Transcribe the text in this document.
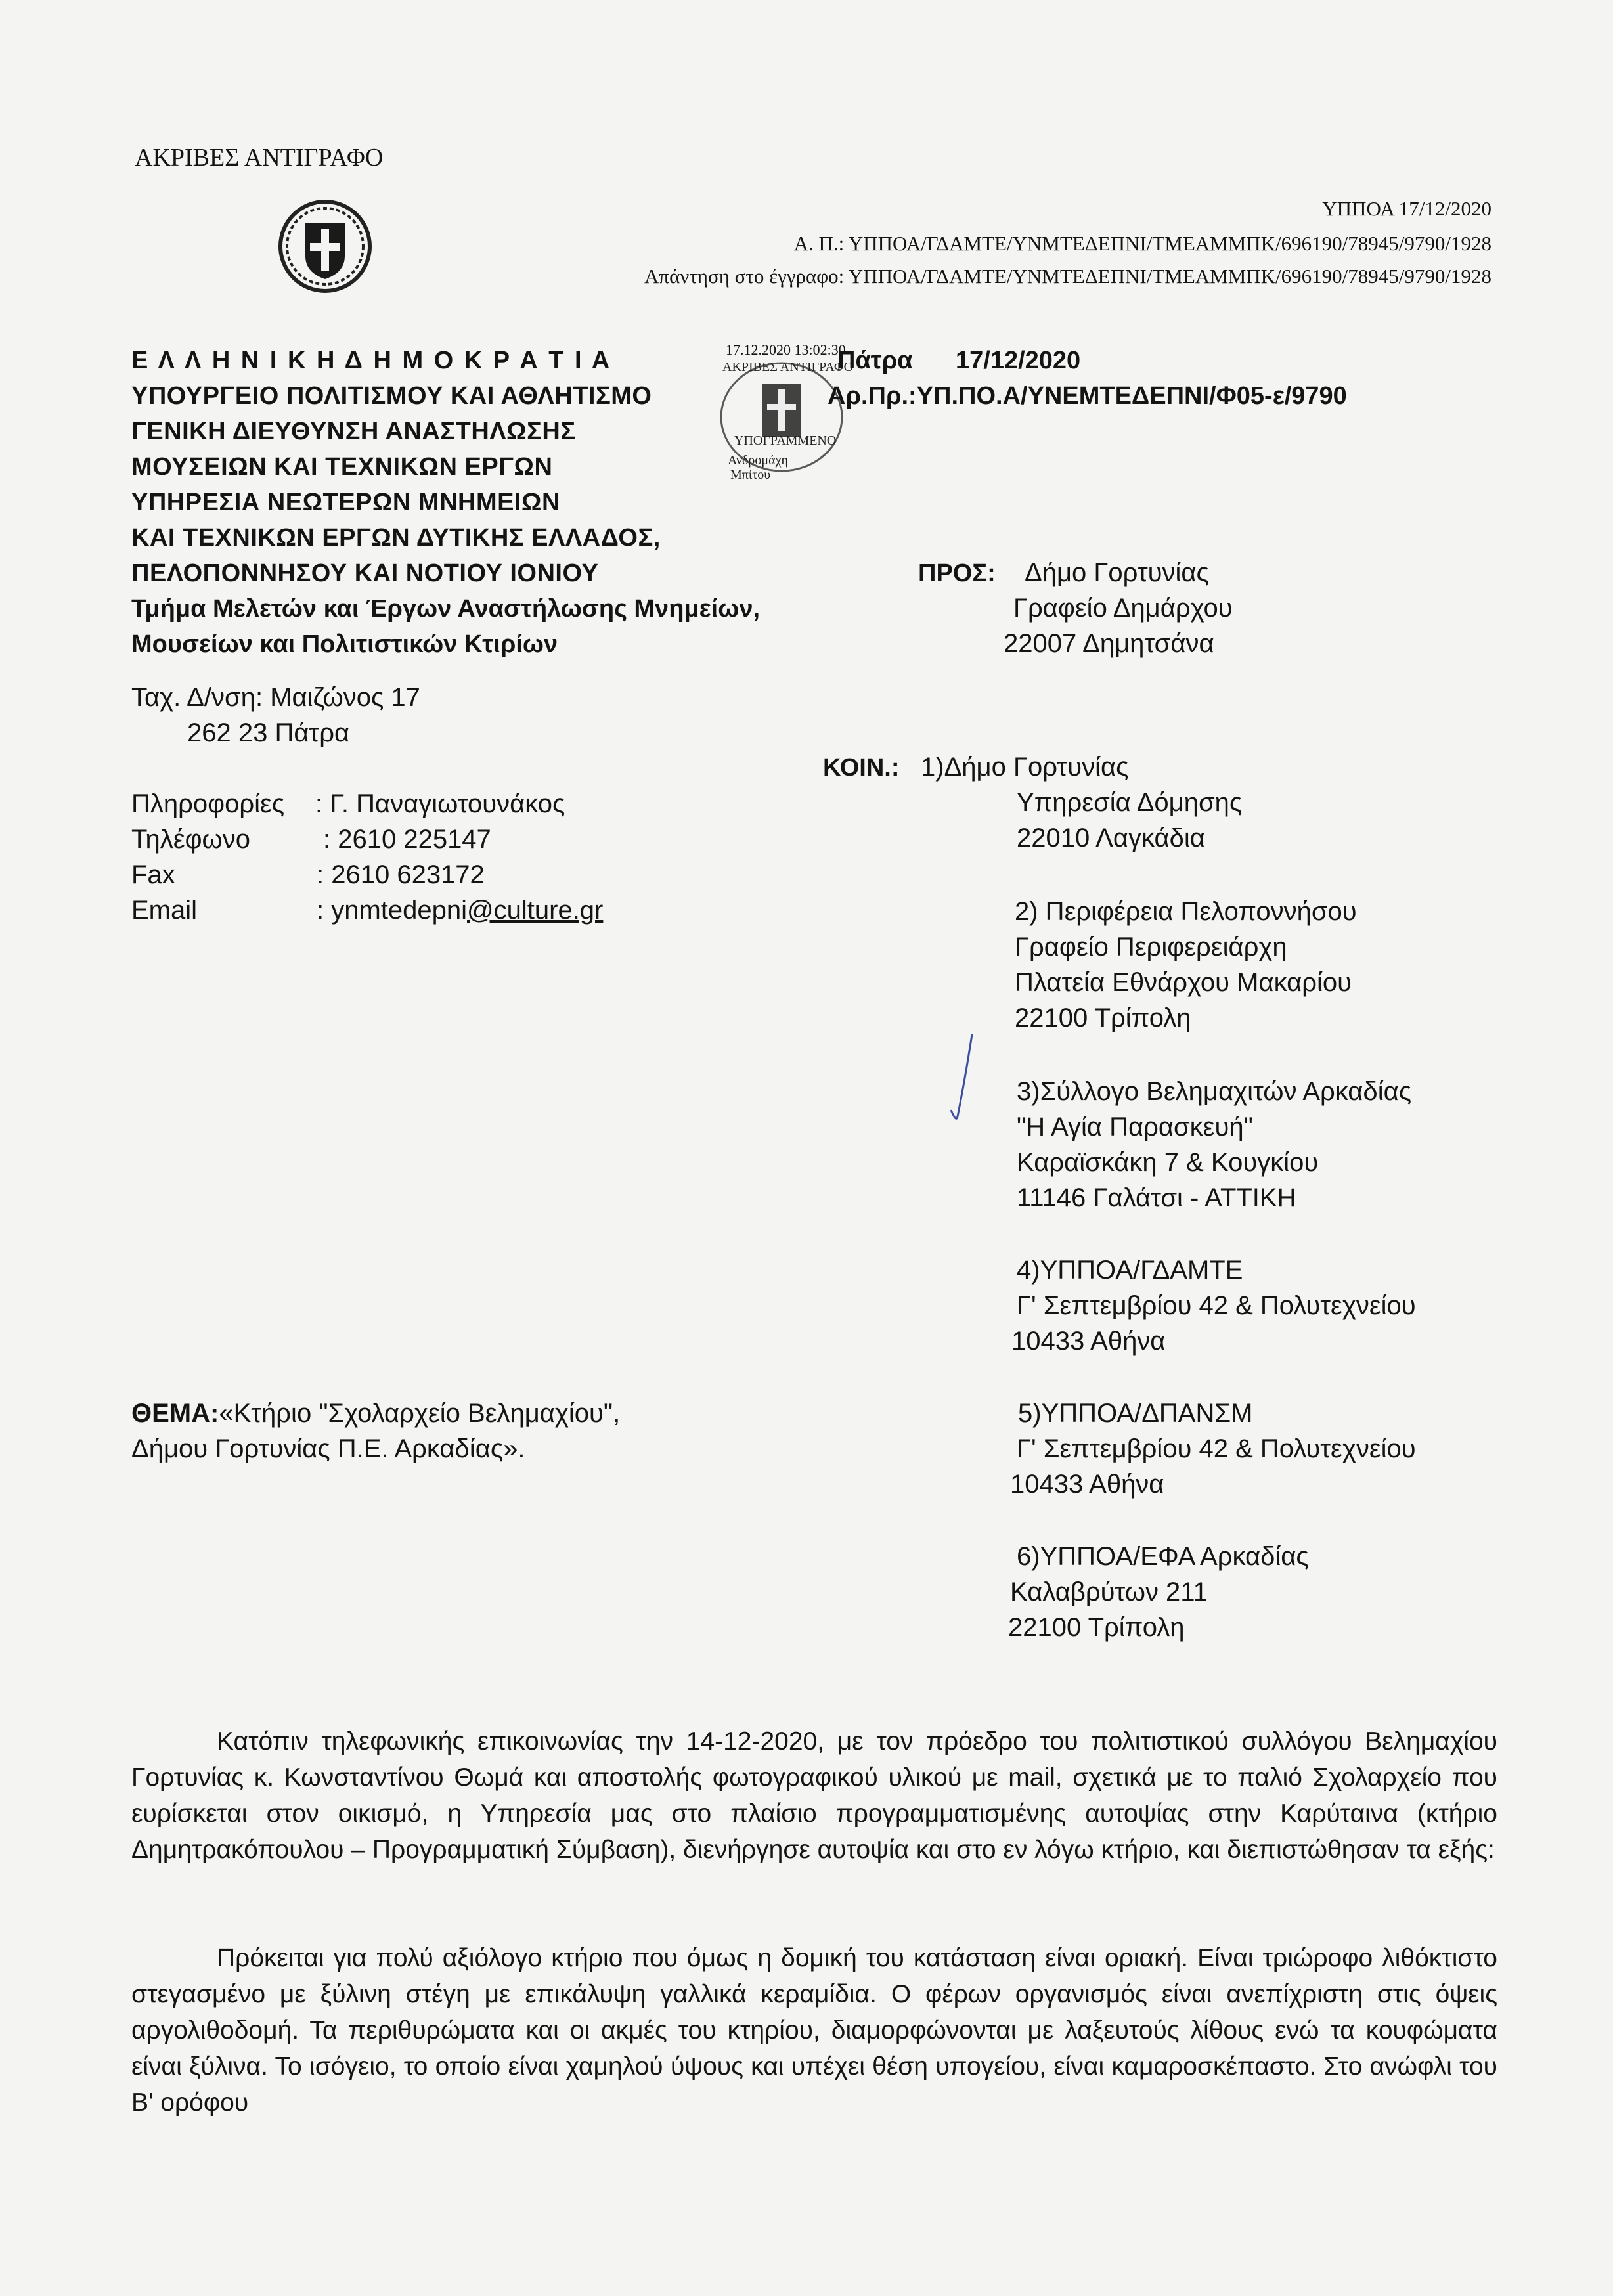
ΑΚΡΙΒΕΣ ΑΝΤΙΓΡΑΦΟ
ΥΠΠΟΑ 17/12/2020
Α. Π.: ΥΠΠΟΑ/ΓΔΑΜΤΕ/ΥΝΜΤΕΔΕΠΝΙ/ΤΜΕΑΜΜΠΚ/696190/78945/9790/1928
Απάντηση στο έγγραφο: ΥΠΠΟΑ/ΓΔΑΜΤΕ/ΥΝΜΤΕΔΕΠΝΙ/ΤΜΕΑΜΜΠΚ/696190/78945/9790/1928
Ε Λ Λ Η Ν Ι Κ Η Δ Η Μ Ο Κ Ρ Α Τ Ι Α
ΥΠΟΥΡΓΕΙΟ ΠΟΛΙΤΙΣΜΟΥ ΚΑΙ ΑΘΛΗΤΙΣΜΟ
ΓΕΝΙΚΗ ΔΙΕΥΘΥΝΣΗ ΑΝΑΣΤΗΛΩΣΗΣ
ΜΟΥΣΕΙΩΝ ΚΑΙ ΤΕΧΝΙΚΩΝ ΕΡΓΩΝ
ΥΠΗΡΕΣΙΑ ΝΕΩΤΕΡΩΝ ΜΝΗΜΕΙΩΝ
ΚΑΙ ΤΕΧΝΙΚΩΝ ΕΡΓΩΝ ΔΥΤΙΚΗΣ ΕΛΛΑΔΟΣ,
ΠΕΛΟΠΟΝΝΗΣΟΥ ΚΑΙ ΝΟΤΙΟΥ ΙΟΝΙΟΥ
Τμήμα Μελετών και Έργων Αναστήλωσης Μνημείων,
Μουσείων και Πολιτιστικών Κτιρίων
17.12.2020 13:02:30
ΑΚΡΙΒΕΣ ΑΝΤΙΓΡΑΦΟ
ΥΠΟΓΡΑΜΜΕΝΟ
Ανδρομάχη
Μπίτου
Πάτρα 17/12/2020
Αρ.Πρ.:ΥΠ.ΠΟ.Α/ΥΝΕΜΤΕΔΕΠΝΙ/Φ05-ε/9790
ΠΡΟΣ: Δήμο Γορτυνίας
Γραφείο Δημάρχου
22007 Δημητσάνα
Ταχ. Δ/νση: Μαιζώνος 17
262 23 Πάτρα
ΚΟΙΝ.: 1)Δήμο Γορτυνίας
Υπηρεσία Δόμησης
22010 Λαγκάδια
Πληροφορίες : Γ. Παναγιωτουνάκος
Τηλέφωνο	: 2610 225147
Fax	: 2610 623172
Email	: ynmtedepni@culture.gr	2) Περιφέρεια Πελοποννήσου
Γραφείο Περιφερειάρχη
Πλατεία Εθνάρχου Μακαρίου
22100 Τρίπολη
3)Σύλλογο Βελημαχιτών Αρκαδίας
"Η Αγία Παρασκευή"
Καραϊσκάκη 7 & Κουγκίου
11146 Γαλάτσι - ΑΤΤΙΚΗ
4)ΥΠΠΟΑ/ΓΔΑΜΤΕ
Γ' Σεπτεμβρίου 42 & Πολυτεχνείου
10433 Αθήνα
ΘΕΜΑ:«Κτήριο "Σχολαρχείο Βελημαχίου",
Δήμου Γορτυνίας Π.Ε. Αρκαδίας».
5)ΥΠΠΟΑ/ΔΠΑΝΣΜ
Γ' Σεπτεμβρίου 42 & Πολυτεχνείου
10433 Αθήνα
6)ΥΠΠΟΑ/ΕΦΑ Αρκαδίας
Καλαβρύτων 211
22100 Τρίπολη
Κατόπιν τηλεφωνικής επικοινωνίας την 14-12-2020, με τον πρόεδρο του πολιτιστικού συλλόγου Βελημαχίου Γορτυνίας κ. Κωνσταντίνου Θωμά και αποστολής φωτογραφικού υλικού με mail, σχετικά με το παλιό Σχολαρχείο που ευρίσκεται στον οικισμό, η Υπηρεσία μας στο πλαίσιο προγραμματισμένης αυτοψίας στην Καρύταινα (κτήριο Δημητρακόπουλου – Προγραμματική Σύμβαση), διενήργησε αυτοψία και στο εν λόγω κτήριο, και διεπιστώθησαν τα εξής:
Πρόκειται για πολύ αξιόλογο κτήριο που όμως η δομική του κατάσταση είναι οριακή. Είναι τριώροφο λιθόκτιστο στεγασμένο με ξύλινη στέγη με επικάλυψη γαλλικά κεραμίδια. Ο φέρων οργανισμός είναι ανεπίχριστη στις όψεις αργολιθοδομή. Τα περιθυρώματα και οι ακμές του κτηρίου, διαμορφώνονται με λαξευτούς λίθους ενώ τα κουφώματα είναι ξύλινα. Το ισόγειο, το οποίο είναι χαμηλού ύψους και υπέχει θέση υπογείου, είναι καμαροσκέπαστο. Στο ανώφλι του Β' ορόφου
